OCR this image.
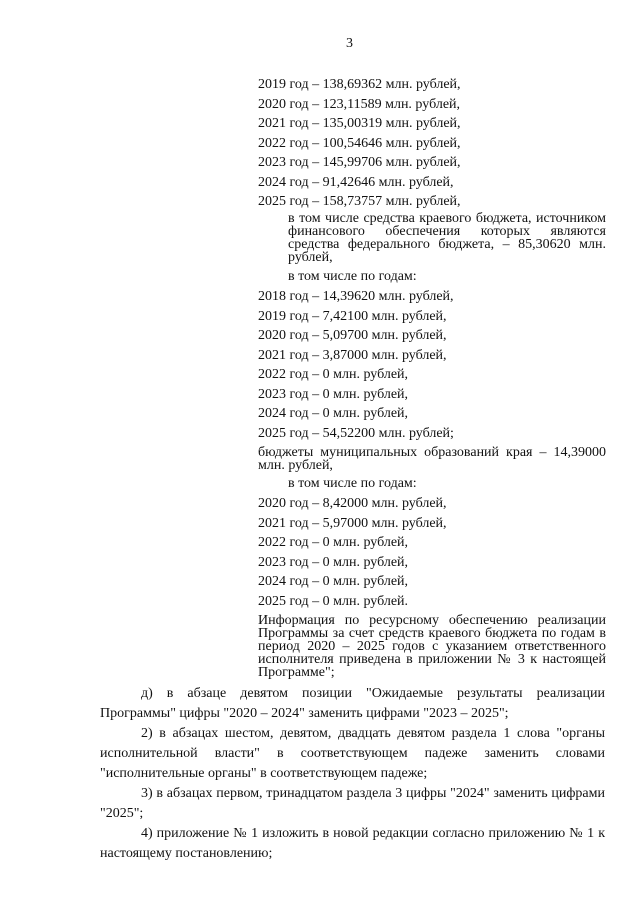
3
2019 год – 138,69362 млн. рублей,
2020 год – 123,11589 млн. рублей,
2021 год – 135,00319 млн. рублей,
2022 год – 100,54646 млн. рублей,
2023 год – 145,99706 млн. рублей,
2024 год – 91,42646 млн. рублей,
2025 год – 158,73757 млн. рублей,
в том числе средства краевого бюджета, источником финансового обеспечения которых являются средства федерального бюджета, – 85,30620 млн. рублей,
в том числе по годам:
2018 год – 14,39620 млн. рублей,
2019 год – 7,42100 млн. рублей,
2020 год – 5,09700 млн. рублей,
2021 год – 3,87000 млн. рублей,
2022 год – 0 млн. рублей,
2023 год – 0 млн. рублей,
2024 год – 0 млн. рублей,
2025 год – 54,52200 млн. рублей;
бюджеты муниципальных образований края – 14,39000 млн. рублей,
в том числе по годам:
2020 год – 8,42000 млн. рублей,
2021 год – 5,97000 млн. рублей,
2022 год – 0 млн. рублей,
2023 год – 0 млн. рублей,
2024 год – 0 млн. рублей,
2025 год – 0 млн. рублей.
Информация по ресурсному обеспечению реализации Программы за счет средств краевого бюджета по годам в период 2020 – 2025 годов с указанием ответственного исполнителя приведена в приложении № 3 к настоящей Программе";

д) в абзаце девятом позиции "Ожидаемые результаты реализации Программы" цифры "2020 – 2024" заменить цифрами "2023 – 2025";

2) в абзацах шестом, девятом, двадцать девятом раздела 1 слова "органы исполнительной власти" в соответствующем падеже заменить словами "исполнительные органы" в соответствующем падеже;

3) в абзацах первом, тринадцатом раздела 3 цифры "2024" заменить цифрами "2025";

4) приложение № 1 изложить в новой редакции согласно приложению № 1 к настоящему постановлению;
